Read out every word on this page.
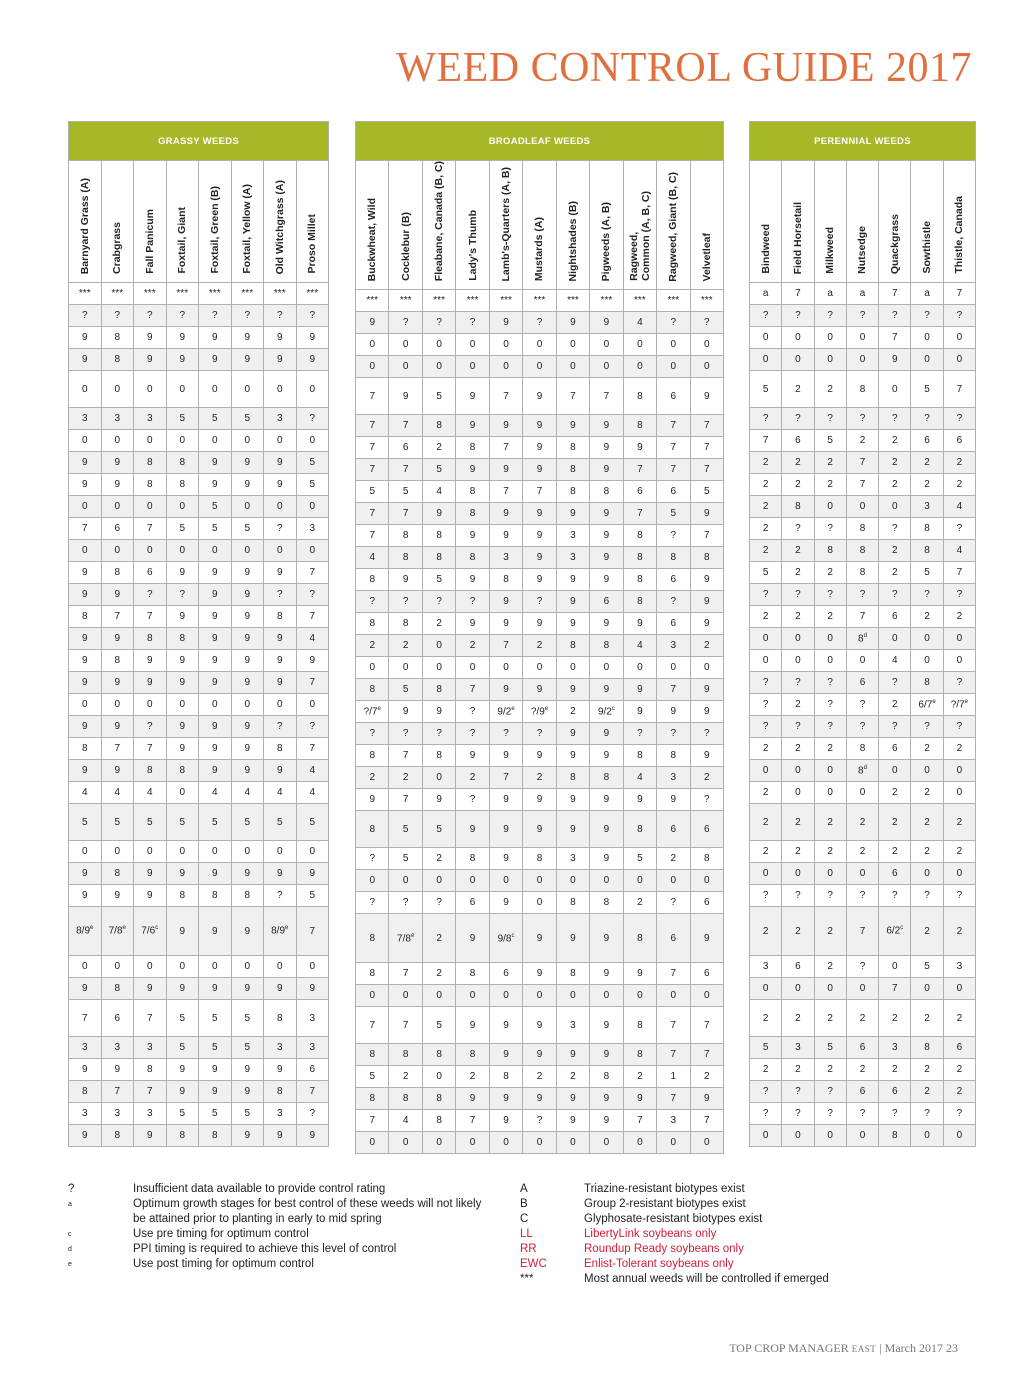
WEED CONTROL GUIDE 2017
GRASSY WEEDS							

Barnyard Grass (A)	Crabgrass	Fall Panicum	Foxtail, Giant	Foxtail, Green (B)	Foxtail, Yellow (A)	Old Witchgrass (A)	Proso Millet

***	***	***	***	***	***	***	***
?	?	?	?	?	?	?	?
9	8	9	9	9	9	9	9
9	8	9	9	9	9	9	9
0	0	0	0	0	0	0	0
3	3	3	5	5	5	3	?
0	0	0	0	0	0	0	0
9	9	8	8	9	9	9	5
9	9	8	8	9	9	9	5
0	0	0	0	5	0	0	0
7	6	7	5	5	5	?	3
0	0	0	0	0	0	0	0
9	8	6	9	9	9	9	7
9	9	?	?	9	9	?	?
8	7	7	9	9	9	8	7
9	9	8	8	9	9	9	4
9	8	9	9	9	9	9	9
9	9	9	9	9	9	9	7
0	0	0	0	0	0	0	0
9	9	?	9	9	9	?	?
8	7	7	9	9	9	8	7
9	9	8	8	9	9	9	4
4	4	4	0	4	4	4	4
5	5	5	5	5	5	5	5
0	0	0	0	0	0	0	0
9	8	9	9	9	9	9	9
9	9	9	8	8	8	?	5
8/9e	7/8e	7/6$^c$	9	9	9	8/9e	7
0	0	0	0	0	0	0	0
9	8	9	9	9	9	9	9
7	6	7	5	5	5	8	3
3	3	3	5	5	5	3	3
9	9	8	9	9	9	9	6
8	7	7	9	9	9	8	7
3	3	3	5	5	5	3	?
9	8	9	8	8	9	9	9
BROADLEAF WEEDS										

Buckwheat, Wild	Cocklebur (B)	Fleabane, Canada (B, C)	Lady's Thumb	Lamb's-Quarters (A, B)	Mustards (A)	Nightshades (B)	Pigweeds (A, B)	Ragweed,
Common (A, B, C)	Ragweed, Giant (B, C)	Velvetleaf

***	***	***	***	***	***	***	***	***	***	***
9	?	?	?	9	?	9	9	4	?	?
0	0	0	0	0	0	0	0	0	0	0
0	0	0	0	0	0	0	0	0	0	0
7	9	5	9	7	9	7	7	8	6	9
7	7	8	9	9	9	9	9	8	7	7
7	6	2	8	7	9	8	9	9	7	7
7	7	5	9	9	9	8	9	7	7	7
5	5	4	8	7	7	8	8	6	6	5
7	7	9	8	9	9	9	9	7	5	9
7	8	8	9	9	9	3	9	8	?	7
4	8	8	8	3	9	3	9	8	8	8
8	9	5	9	8	9	9	9	8	6	9
?	?	?	?	9	?	9	6	8	?	9
8	8	2	9	9	9	9	9	9	6	9
2	2	0	2	7	2	8	8	4	3	2
0	0	0	0	0	0	0	0	0	0	0
8	5	8	7	9	9	9	9	9	7	9
?/7e	9	9	?	9/2e	?/9e	2	9/2$^c$	9	9	9
?	?	?	?	?	?	9	9	?	?	?
8	7	8	9	9	9	9	9	8	8	9
2	2	0	2	7	2	8	8	4	3	2
9	7	9	?	9	9	9	9	9	9	?
8	5	5	9	9	9	9	9	8	6	6
?	5	2	8	9	8	3	9	5	2	8
0	0	0	0	0	0	0	0	0	0	0
?	?	?	6	9	0	8	8	2	?	6
8	7/8e	2	9	9/8$^c$	9	9	9	8	6	9
8	7	2	8	6	9	8	9	9	7	6
0	0	0	0	0	0	0	0	0	0	0
7	7	5	9	9	9	3	9	8	7	7
8	8	8	8	9	9	9	9	8	7	7
5	2	0	2	8	2	2	8	2	1	2
8	8	8	9	9	9	9	9	9	7	9
7	4	8	7	9	?	9	9	7	3	7
0	0	0	0	0	0	0	0	0	0	0
PERENNIAL WEEDS						

Bindweed	Field Horsetail	Milkweed	Nutsedge	Quackgrass	Sowthistle	Thistle, Canada

a	7	a	a	7	a	7
?	?	?	?	?	?	?
0	0	0	0	7	0	0
0	0	0	0	9	0	0
5	2	2	8	0	5	7
?	?	?	?	?	?	?
7	6	5	2	2	6	6
2	2	2	7	2	2	2
2	2	2	7	2	2	2
2	8	0	0	0	3	4
2	?	?	8	?	8	?
2	2	8	8	2	8	4
5	2	2	8	2	5	7
?	?	?	?	?	?	?
2	2	2	7	6	2	2
0	0	0	8$^d$	0	0	0
0	0	0	0	4	0	0
?	?	?	6	?	8	?
?	2	?	?	2	6/7e	?/7e
?	?	?	?	?	?	?
2	2	2	8	6	2	2
0	0	0	8$^d$	0	0	0
2	0	0	0	2	2	0
2	2	2	2	2	2	2
2	2	2	2	2	2	2
0	0	0	0	6	0	0
?	?	?	?	?	?	?
2	2	2	7	6/2$^c$	2	2
3	6	2	?	0	5	3
0	0	0	0	7	0	0
2	2	2	2	2	2	2
5	3	5	6	3	8	6
2	2	2	2	2	2	2
?	?	?	6	6	2	2
?	?	?	?	?	?	?
0	0	0	0	8	0	0
?	Insufficient data available to provide control rating
a	Optimum growth stages for best control of these weeds will not likely
be attained prior to planting in early to mid spring
c	Use pre timing for optimum control
d	PPI timing is required to achieve this level of control
e	Use post timing for optimum control
A	Triazine-resistant biotypes exist
B	Group 2-resistant biotypes exist
C	Glyphosate-resistant biotypes exist
LL	LibertyLink soybeans only
RR	Roundup Ready soybeans only
EWC	Enlist-Tolerant soybeans only
***	Most annual weeds will be controlled if emerged
TOP CROP MANAGER EAST | March 2017 23
